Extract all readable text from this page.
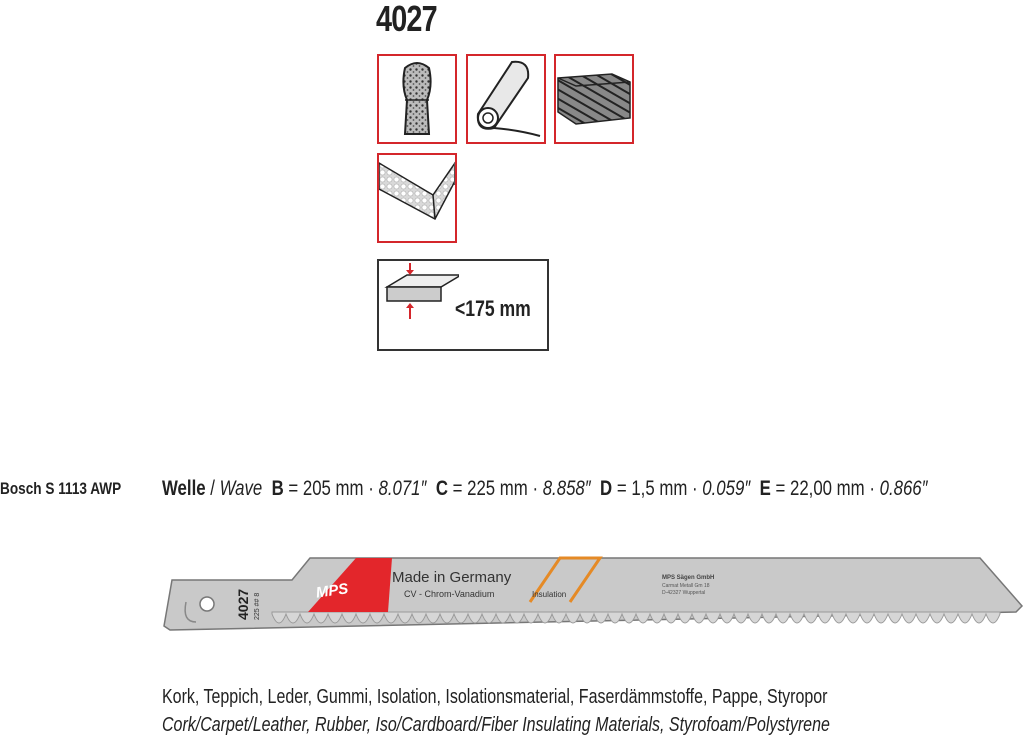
4027
<175 mm
Bosch S 1113 AWP	Welle / Wave B = 205 mm · 8.071″ C = 225 mm · 8.858″ D = 1,5 mm · 0.059″ E = 22,00 mm · 0.866″
4027 225 ## 8
MPS
Made in Germany
CV - Chrom-Vanadium	Insulation
MPS Sägen GmbH
Carmat Metall Gm 18
D-42327 Wuppertal
Kork, Teppich, Leder, Gummi, Isolation, Isolationsmaterial, Faserdämmstoffe, Pappe, Styropor
Cork/Carpet/Leather, Rubber, Iso/Cardboard/Fiber Insulating Materials, Styrofoam/Polystyrene
